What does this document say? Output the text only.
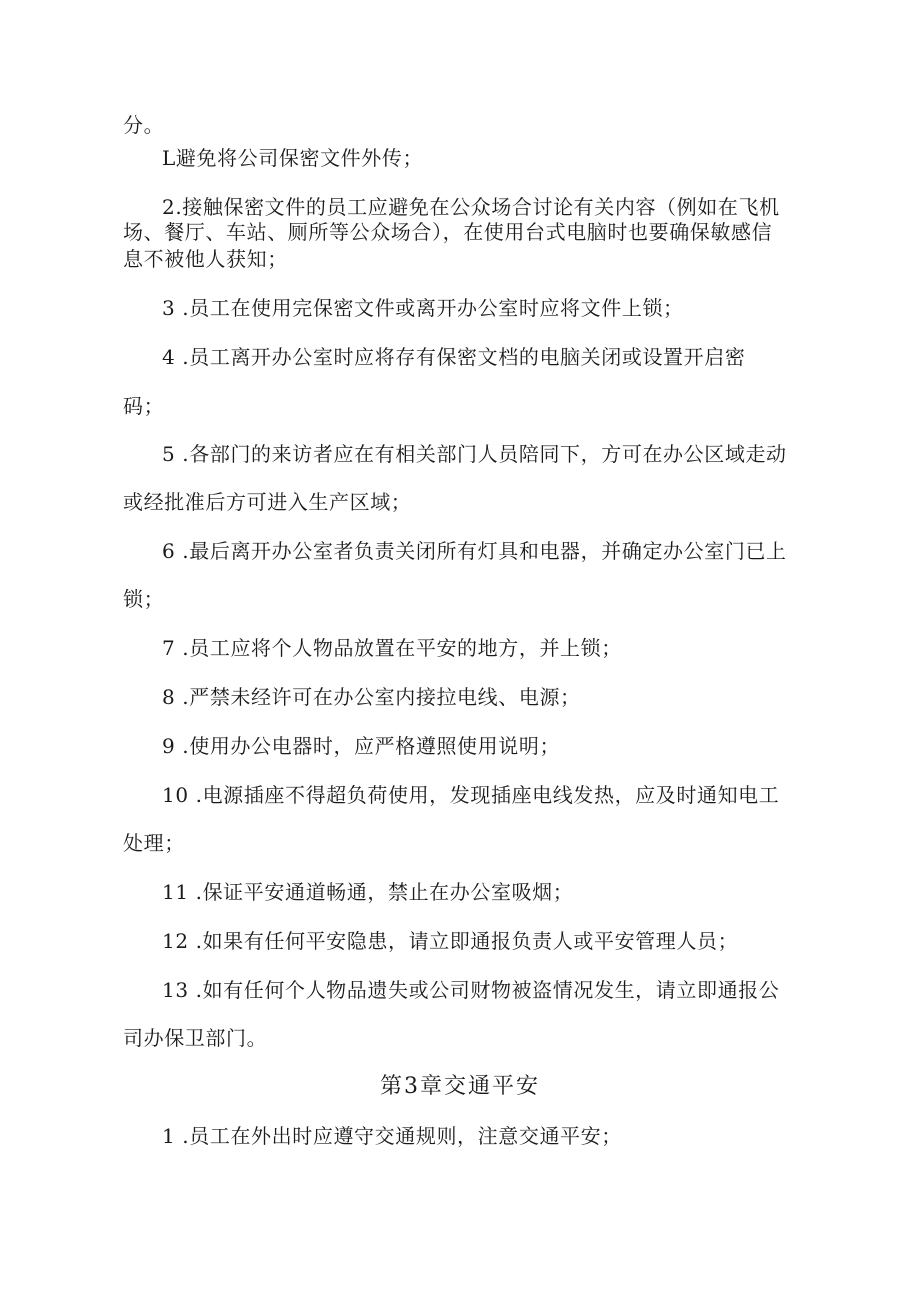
分。
L避免将公司保密文件外传；
2.接触保密文件的员工应避免在公众场合讨论有关内容（例如在飞机
场、餐厅、车站、厕所等公众场合），在使用台式电脑时也要确保敏感信
息不被他人获知；
3 .员工在使用完保密文件或离开办公室时应将文件上锁；
4 .员工离开办公室时应将存有保密文档的电脑关闭或设置开启密
码；
5 .各部门的来访者应在有相关部门人员陪同下，方可在办公区域走动
或经批准后方可进入生产区域；
6 .最后离开办公室者负责关闭所有灯具和电器，并确定办公室门已上
锁；
7 .员工应将个人物品放置在平安的地方，并上锁；
8 .严禁未经许可在办公室内接拉电线、电源；
9 .使用办公电器时，应严格遵照使用说明；
10 .电源插座不得超负荷使用，发现插座电线发热，应及时通知电工
处理；
11 .保证平安通道畅通，禁止在办公室吸烟；
12 .如果有任何平安隐患，请立即通报负责人或平安管理人员；
13 .如有任何个人物品遗失或公司财物被盗情况发生，请立即通报公
司办保卫部门。
第3章交通平安
1 .员工在外出时应遵守交通规则，注意交通平安；
